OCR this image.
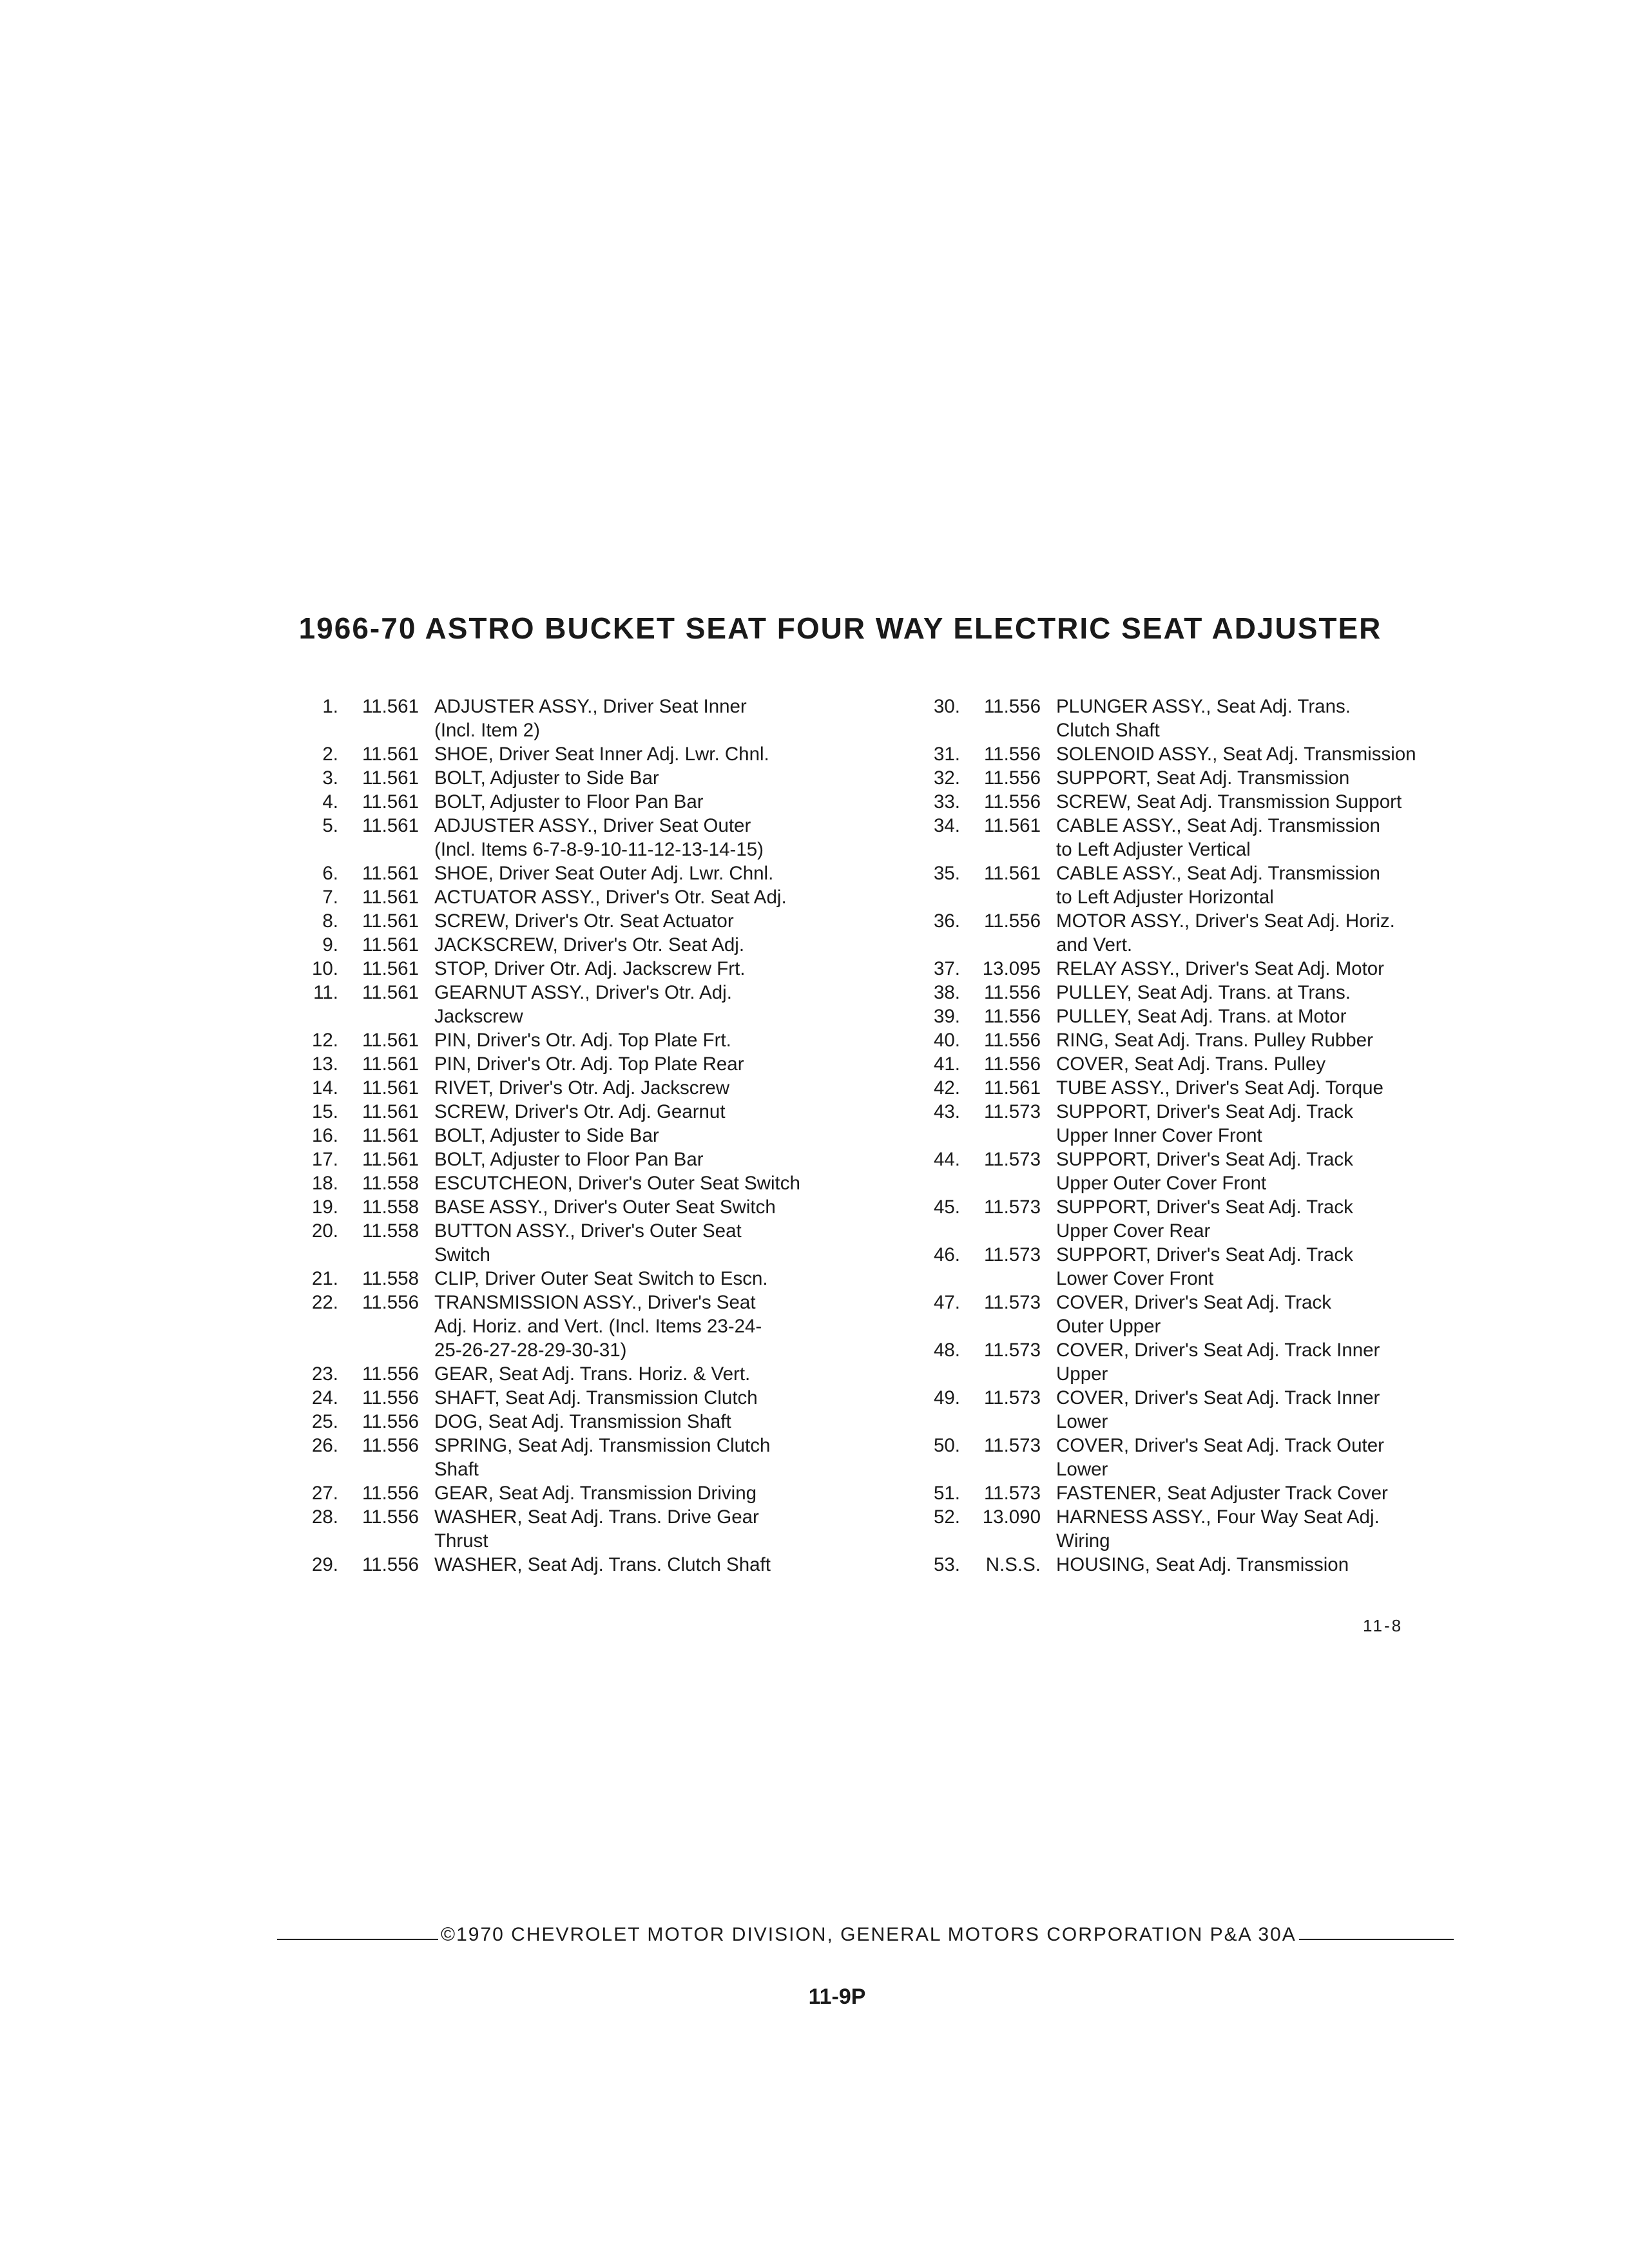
1966-70 ASTRO BUCKET SEAT FOUR WAY ELECTRIC SEAT ADJUSTER
1.	11.561 ADJUSTER ASSY., Driver Seat Inner
(Incl. Item 2)
2.	11.561 SHOE, Driver Seat Inner Adj. Lwr. Chnl.
3.	11.561 BOLT, Adjuster to Side Bar
4.	11.561 BOLT, Adjuster to Floor Pan Bar
5.	11.561 ADJUSTER ASSY., Driver Seat Outer
(Incl. Items 6-7-8-9-10-11-12-13-14-15)
6.	11.561 SHOE, Driver Seat Outer Adj. Lwr. Chnl.
7.	11.561 ACTUATOR ASSY., Driver's Otr. Seat Adj.
8.	11.561 SCREW, Driver's Otr. Seat Actuator
9.	11.561 JACKSCREW, Driver's Otr. Seat Adj.
10.	11.561 STOP, Driver Otr. Adj. Jackscrew Frt.
11.	11.561 GEARNUT ASSY., Driver's Otr. Adj.
Jackscrew
12.	11.561 PIN, Driver's Otr. Adj. Top Plate Frt.
13.	11.561 PIN, Driver's Otr. Adj. Top Plate Rear
14.	11.561 RIVET, Driver's Otr. Adj. Jackscrew
15.	11.561 SCREW, Driver's Otr. Adj. Gearnut
16.	11.561 BOLT, Adjuster to Side Bar
17.	11.561 BOLT, Adjuster to Floor Pan Bar
18.	11.558 ESCUTCHEON, Driver's Outer Seat Switch
19.	11.558 BASE ASSY., Driver's Outer Seat Switch
20.	11.558 BUTTON ASSY., Driver's Outer Seat
Switch
21.	11.558 CLIP, Driver Outer Seat Switch to Escn.
22.	11.556 TRANSMISSION ASSY., Driver's Seat
Adj. Horiz. and Vert. (Incl. Items 23-24-
25-26-27-28-29-30-31)
23.	11.556 GEAR, Seat Adj. Trans. Horiz. & Vert.
24.	11.556 SHAFT, Seat Adj. Transmission Clutch
25.	11.556 DOG, Seat Adj. Transmission Shaft
26.	11.556 SPRING, Seat Adj. Transmission Clutch
Shaft
27.	11.556 GEAR, Seat Adj. Transmission Driving
28.	11.556 WASHER, Seat Adj. Trans. Drive Gear
Thrust
29.	11.556 WASHER, Seat Adj. Trans. Clutch Shaft
30.	11.556 PLUNGER ASSY., Seat Adj. Trans.
Clutch Shaft
31.	11.556 SOLENOID ASSY., Seat Adj. Transmission
32.	11.556 SUPPORT, Seat Adj. Transmission
33.	11.556 SCREW, Seat Adj. Transmission Support
34.	11.561 CABLE ASSY., Seat Adj. Transmission
to Left Adjuster Vertical
35.	11.561 CABLE ASSY., Seat Adj. Transmission
to Left Adjuster Horizontal
36.	11.556 MOTOR ASSY., Driver's Seat Adj. Horiz.
and Vert.
37.	13.095 RELAY ASSY., Driver's Seat Adj. Motor
38.	11.556 PULLEY, Seat Adj. Trans. at Trans.
39.	11.556 PULLEY, Seat Adj. Trans. at Motor
40.	11.556 RING, Seat Adj. Trans. Pulley Rubber
41.	11.556 COVER, Seat Adj. Trans. Pulley
42.	11.561 TUBE ASSY., Driver's Seat Adj. Torque
43.	11.573 SUPPORT, Driver's Seat Adj. Track
Upper Inner Cover Front
44.	11.573 SUPPORT, Driver's Seat Adj. Track
Upper Outer Cover Front
45.	11.573 SUPPORT, Driver's Seat Adj. Track
Upper Cover Rear
46.	11.573 SUPPORT, Driver's Seat Adj. Track
Lower Cover Front
47.	11.573 COVER, Driver's Seat Adj. Track
Outer Upper
48.	11.573 COVER, Driver's Seat Adj. Track Inner
Upper
49.	11.573 COVER, Driver's Seat Adj. Track Inner
Lower
50.	11.573 COVER, Driver's Seat Adj. Track Outer
Lower
51.	11.573 FASTENER, Seat Adjuster Track Cover
52.	13.090 HARNESS ASSY., Four Way Seat Adj.
Wiring
53.	N.S.S. HOUSING, Seat Adj. Transmission
11-8
©1970 CHEVROLET MOTOR DIVISION, GENERAL MOTORS CORPORATION P&A 30A
11-9P
